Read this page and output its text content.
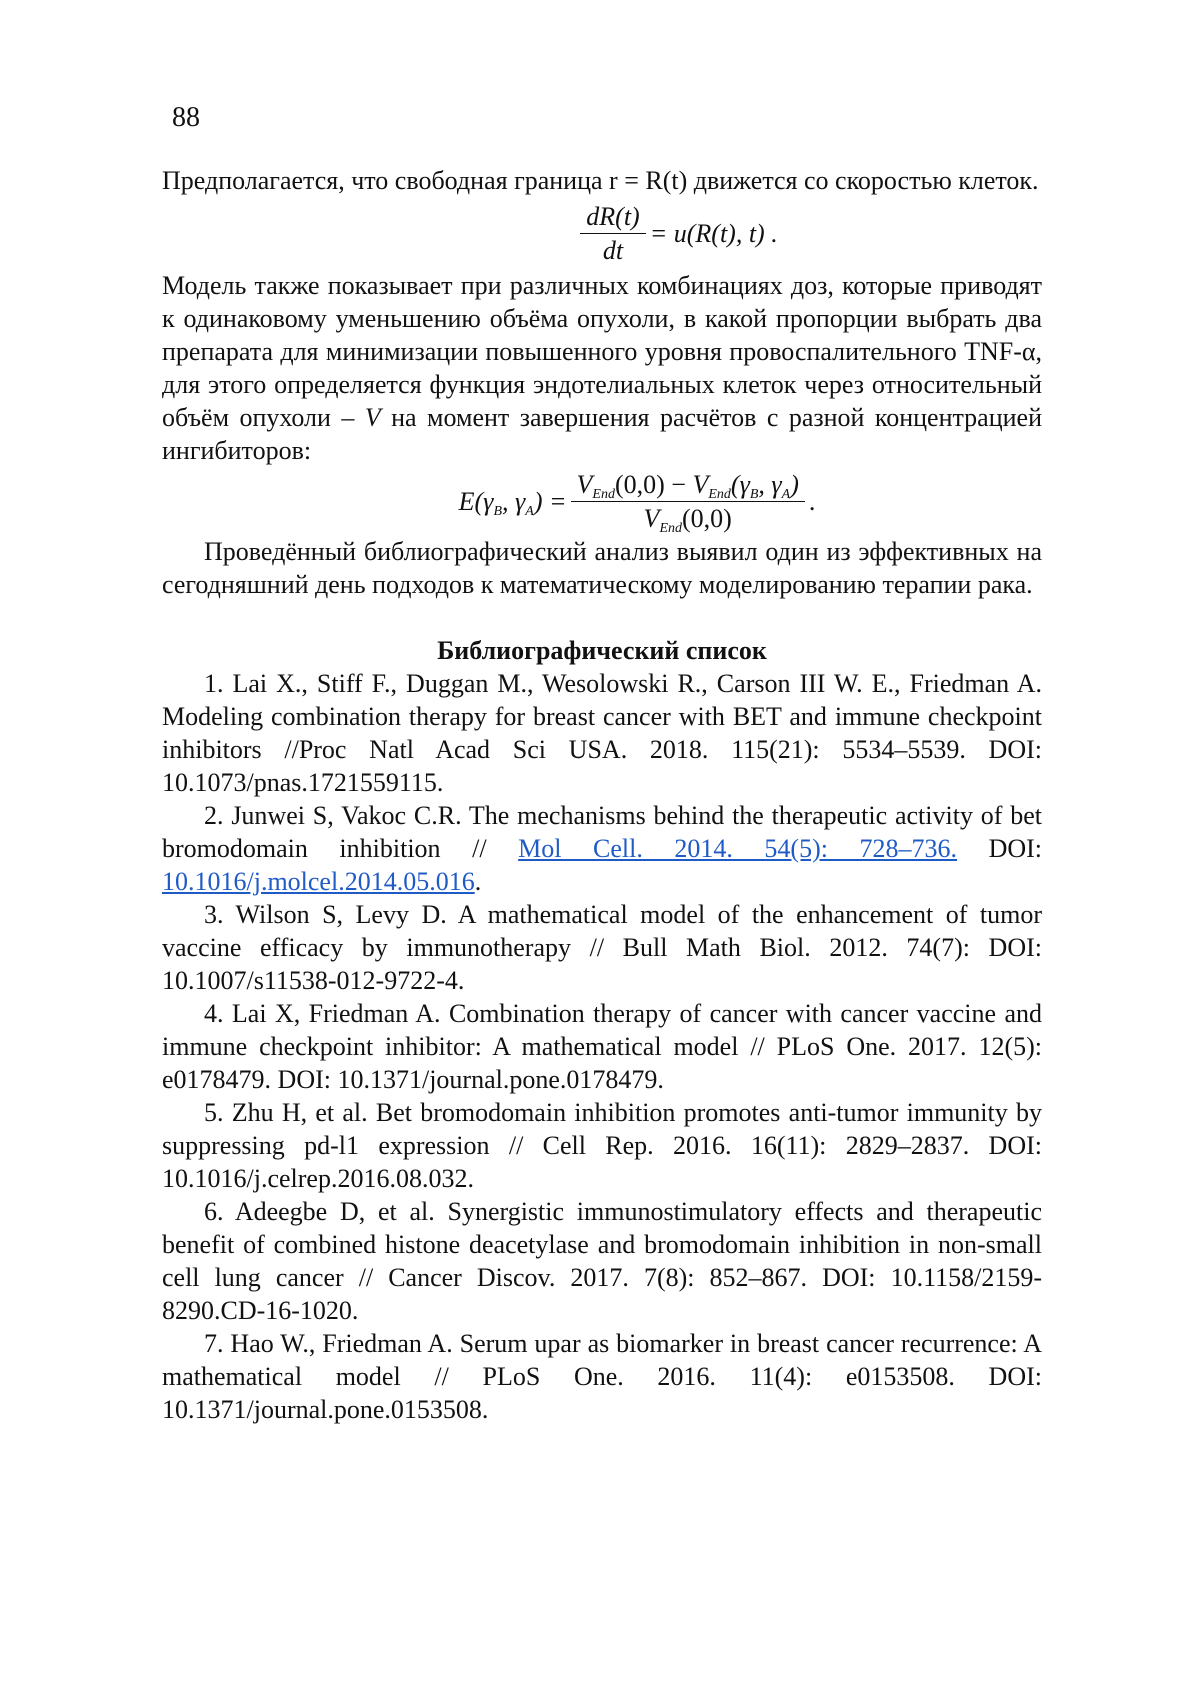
88

Предполагается, что свободная граница r = R(t) движется со скоростью клеток.

$\frac{dR(t)}{dt} = u(R(t)$, t) .

Модель также показывает при различных комбинациях доз, которые приводят к одинаковому уменьшению объёма опухоли, в какой пропорции выбрать два препарата для минимизации повышенного уровня провоспалительного TNF-α, для этого определяется функция эндотелиальных клеток через относительный объём опухоли – V на момент завершения расчётов с разной концентрацией ингибиторов:

$E(\gamma_B$, $\gamma_A) = \frac{V_{End}(0,0) - V_{End}(\gamma_B, \gamma_A)}{V_{End}(0,0)}$ .

Проведённый библиографический анализ выявил один из эффективных на сегодняшний день подходов к математическому моделированию терапии рака.

Библиографический список

1. Lai X., Stiff F., Duggan M., Wesolowski R., Carson III W. E., Friedman A. Modeling combination therapy for breast cancer with BET and immune checkpoint inhibitors //Proc Natl Acad Sci USA. 2018. 115(21): 5534–5539. DOI: 10.1073/pnas.1721559115.

2. Junwei S, Vakoc C.R. The mechanisms behind the therapeutic activity of bet bromodomain inhibition // Mol Cell. 2014. 54(5): 728–736. DOI: 10.1016/j.molcel.2014.05.016.

3. Wilson S, Levy D. A mathematical model of the enhancement of tumor vaccine efficacy by immunotherapy // Bull Math Biol. 2012. 74(7): DOI: 10.1007/s11538-012-9722-4.

4. Lai X, Friedman A. Combination therapy of cancer with cancer vaccine and immune checkpoint inhibitor: A mathematical model // PLoS One. 2017. 12(5): e0178479. DOI: 10.1371/journal.pone.0178479.

5. Zhu H, et al. Bet bromodomain inhibition promotes anti-tumor immunity by suppressing pd-l1 expression // Cell Rep. 2016. 16(11): 2829–2837. DOI: 10.1016/j.celrep.2016.08.032.

6. Adeegbe D, et al. Synergistic immunostimulatory effects and therapeutic benefit of combined histone deacetylase and bromodomain inhibition in non-small cell lung cancer // Cancer Discov. 2017. 7(8): 852–867. DOI: 10.1158/2159-8290.CD-16-1020.

7. Hao W., Friedman A. Serum upar as biomarker in breast cancer recurrence: A mathematical model // PLoS One. 2016. 11(4): e0153508. DOI: 10.1371/journal.pone.0153508.
